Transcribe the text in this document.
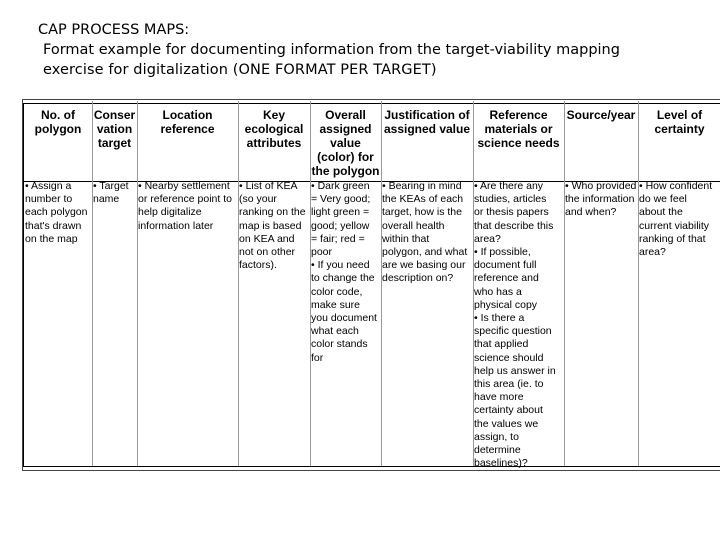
CAP PROCESS MAPS:
Format example for documenting information from the target-viability mapping
exercise for digitalization (ONE FORMAT PER TARGET)
No. of
polygon
• Assign a
number to
each polygon
that's drawn
on the map
Conser
vation
target
• Target
name
Location
reference
• Nearby settlement
or reference point to
help digitalize
information later
Key
ecological
attributes
• List of KEA
(so your
ranking on the
map is based
on KEA and
not on other
factors).
Overall
assigned
value
(color) for
the polygon
• Dark green
= Very good;
light green =
good; yellow
= fair; red =
poor
• If you need
to change the
color code,
make sure
you document
what each
color stands
for
Justification of
assigned value
• Bearing in mind
the KEAs of each
target, how is the
overall health
within that
polygon, and what
are we basing our
description on?
Reference
materials or
science needs
• Are there any
studies, articles
or thesis papers
that describe this
area?
• If possible,
document full
reference and
who has a
physical copy
• Is there a
specific question
that applied
science should
help us answer in
this area (ie. to
have more
certainty about
the values we
assign, to
determine
baselines)?
Source/year
• Who provided
the information
and when?
Level of
certainty
• How confident
do we feel
about the
current viability
ranking of that
area?
